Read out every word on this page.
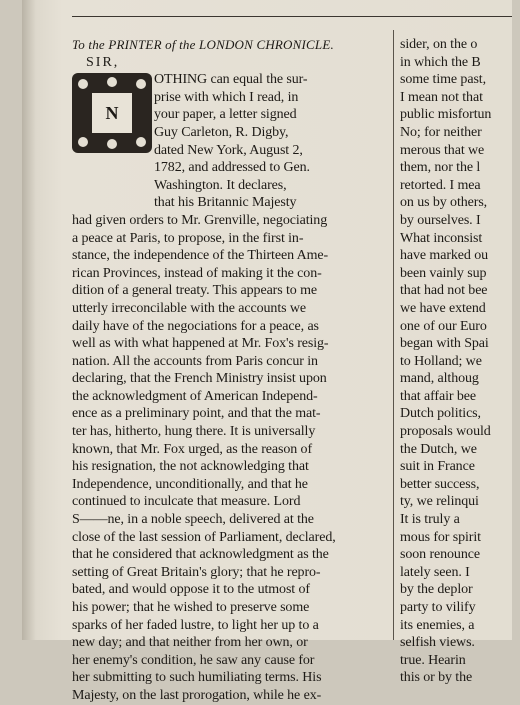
N
To the PRINTER of the LONDON CHRONICLE.
SIR,
OTHING can equal the sur-
prise with which I read, in
your paper, a letter signed
Guy Carleton, R. Digby,
dated New York, August 2,
1782, and addressed to Gen.
Washington. It declares,
that his Britannic Majesty
had given orders to Mr. Grenville, negociating
a peace at Paris, to propose, in the first in-
stance, the independence of the Thirteen Ame-
rican Provinces, instead of making it the con-
dition of a general treaty. This appears to me
utterly irreconcilable with the accounts we
daily have of the negociations for a peace, as
well as with what happened at Mr. Fox's resig-
nation. All the accounts from Paris concur in
declaring, that the French Ministry insist upon
the acknowledgment of American Independ-
ence as a preliminary point, and that the mat-
ter has, hitherto, hung there. It is universally
known, that Mr. Fox urged, as the reason of
his resignation, the not acknowledging that
Independence, unconditionally, and that he
continued to inculcate that measure. Lord
S——ne, in a noble speech, delivered at the
close of the last session of Parliament, declared,
that he considered that acknowledgment as the
setting of Great Britain's glory; that he repro-
bated, and would oppose it to the utmost of
his power; that he wished to preserve some
sparks of her faded lustre, to light her up to a
new day; and that neither from her own, or
her enemy's condition, he saw any cause for
her submitting to such humiliating terms. His
Majesty, on the last prorogation, while he ex-
sider, on the o
in which the B
some time past,
I mean not that
public misfortun
No; for neither
merous that we
them, nor the l
retorted. I mea
on us by others,
by ourselves. I
What inconsist
have marked ou
been vainly sup
that had not bee
we have extend
one of our Euro
began with Spai
to Holland; we
mand, althoug
that affair bee
Dutch politics,
proposals would
the Dutch, we
suit in France
better success,
ty, we relinqui
It is truly a
mous for spirit
soon renounce
lately seen. I
by the deplor
party to vilify
its enemies, a
selfish views.
true. Hearin
this or by the
